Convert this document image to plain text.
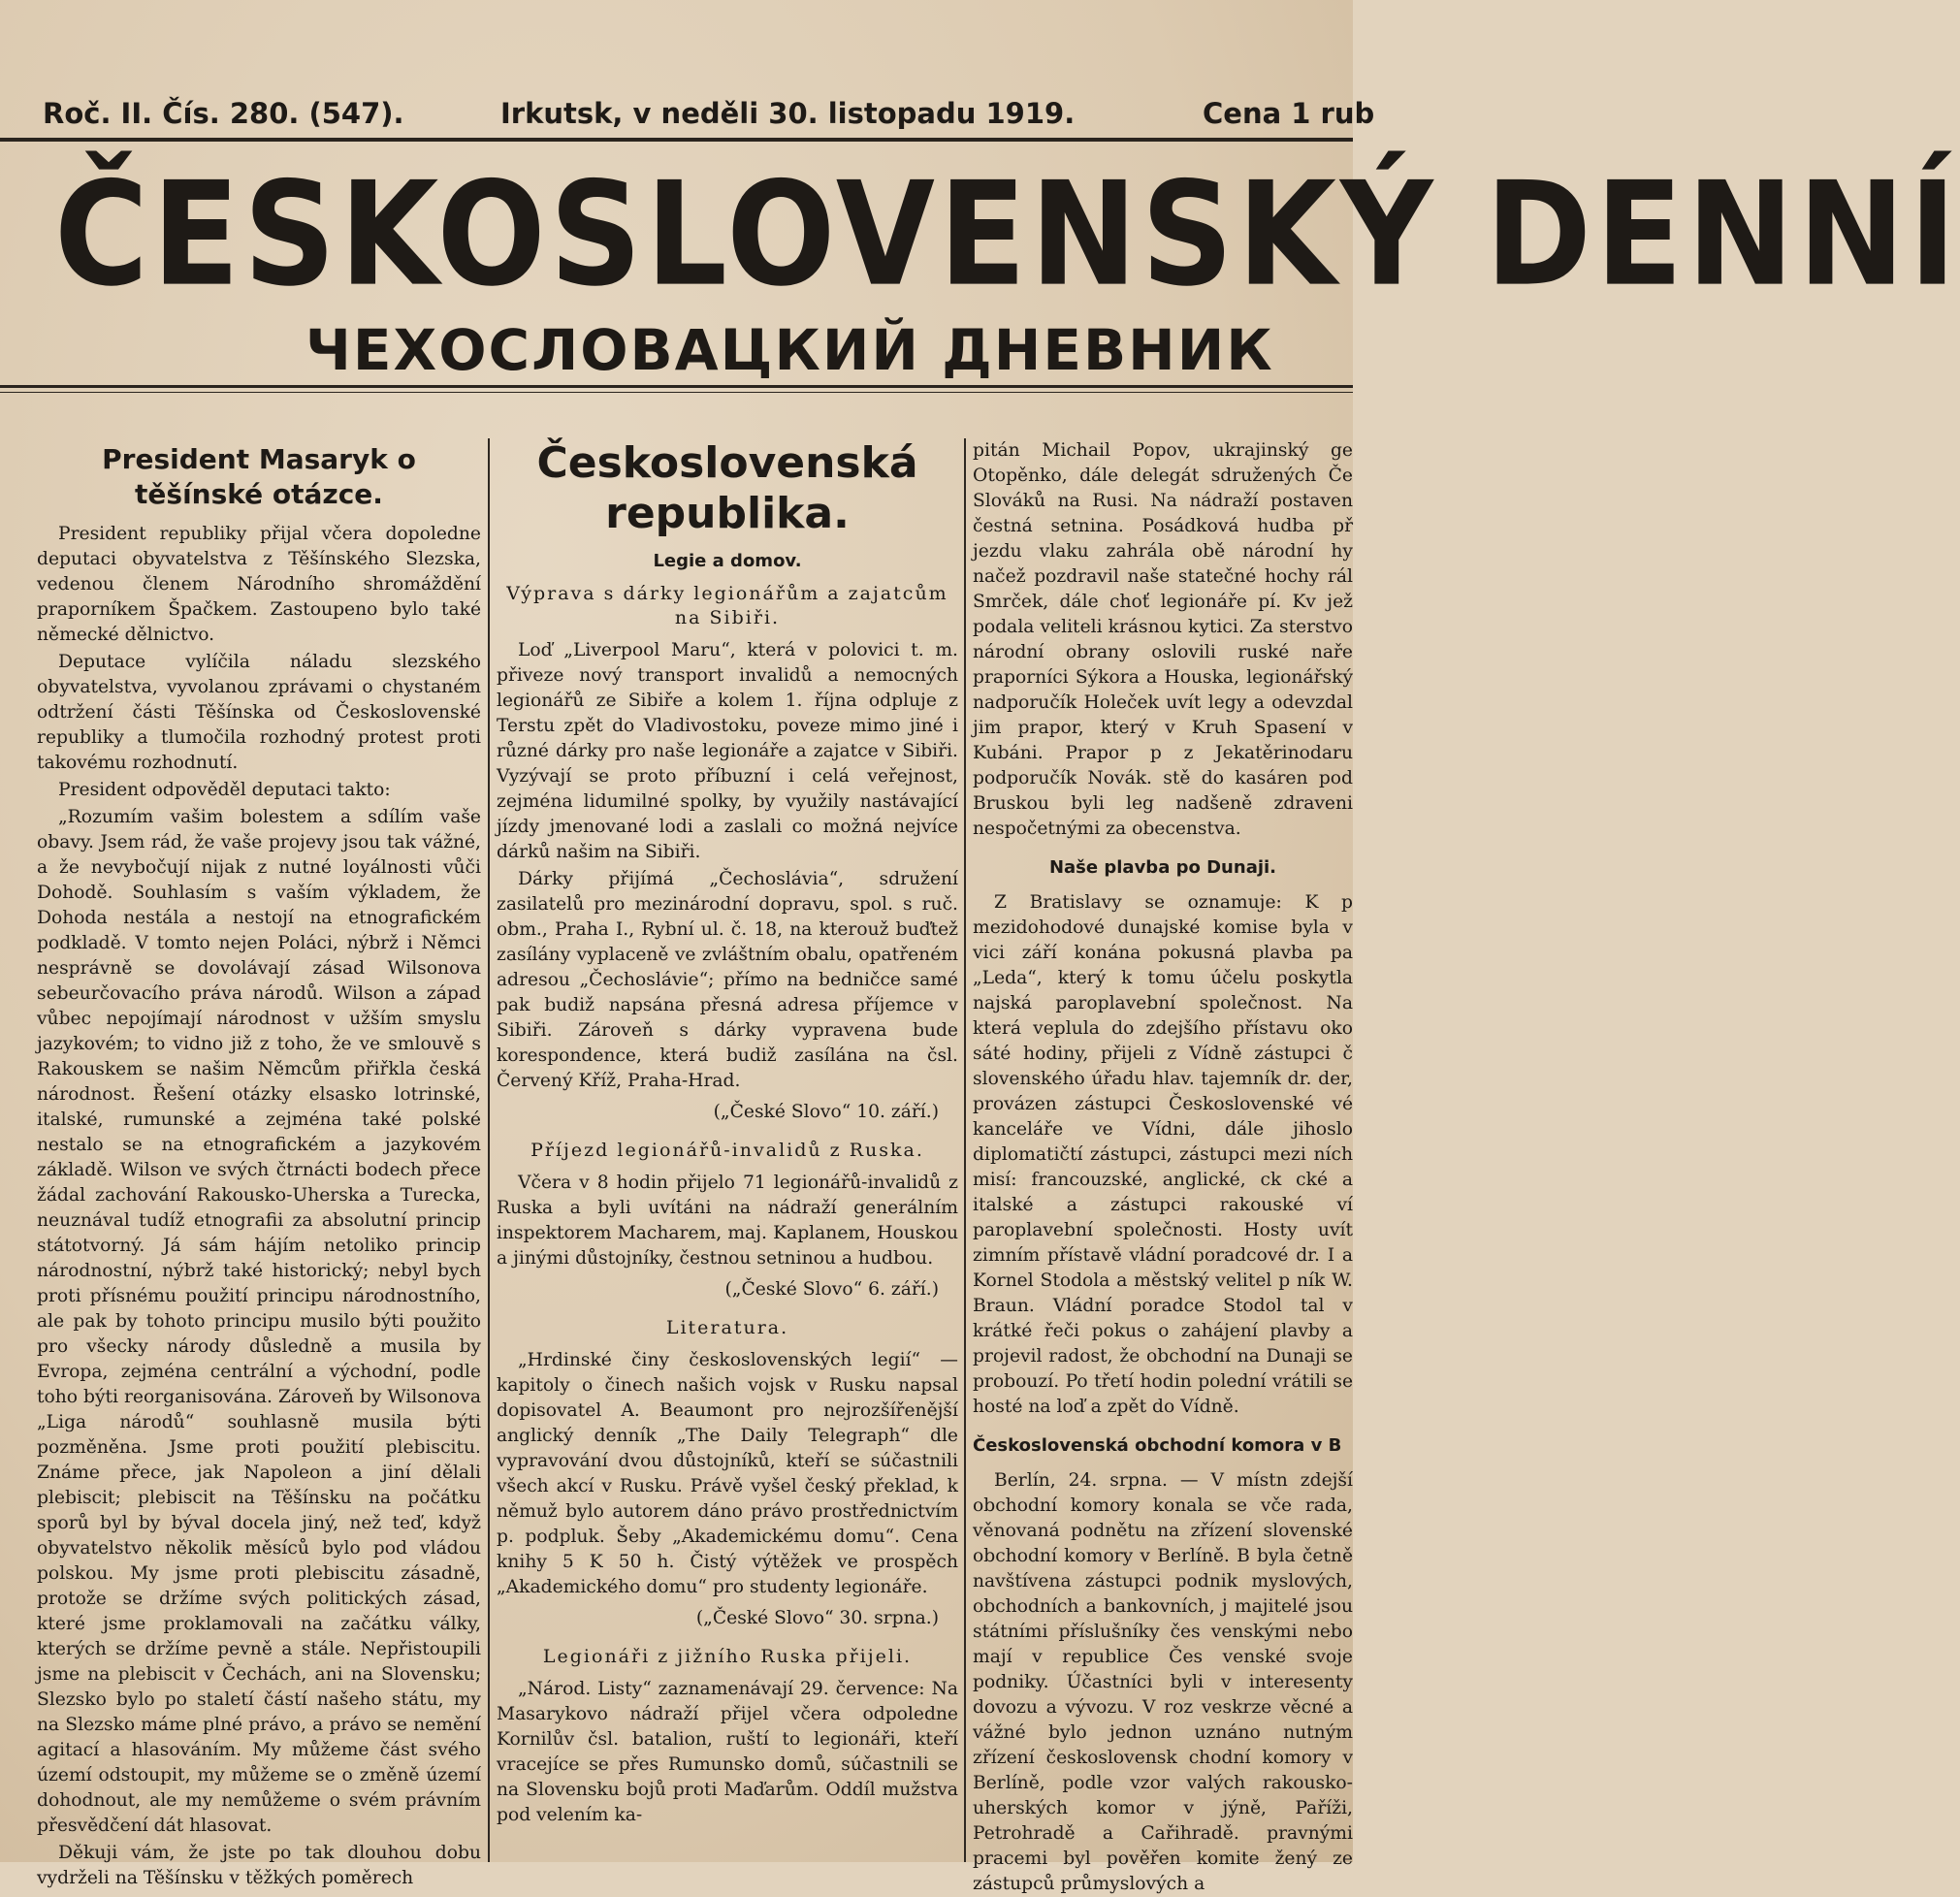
Roč. II. Čís. 280. (547).	Irkutsk, v neděli 30. listopadu 1919.	Cena 1 rub
ČESKOSLOVENSKÝ DENNÍ
ЧЕХОСЛОВАЦКИЙ ДНЕВНИК
President Masaryk o těšínské otázce.

President republiky přijal včera dopoledne deputaci obyvatelstva z Těšínského Slezska, vedenou členem Národního shromáždění praporníkem Špačkem. Zastoupeno bylo také německé dělnictvo.

Deputace vylíčila náladu slezského obyvatelstva, vyvolanou zprávami o chystaném odtržení části Těšínska od Československé republiky a tlumočila rozhodný protest proti takovému rozhodnutí.

President odpověděl deputaci takto:

„Rozumím vašim bolestem a sdílím vaše obavy. Jsem rád, že vaše projevy jsou tak vážné, a že nevybočují nijak z nutné loyálnosti vůči Dohodě. Souhlasím s vaším výkladem, že Dohoda nestála a nestojí na etnografickém podkladě. V tomto nejen Poláci, nýbrž i Němci nesprávně se dovolávají zásad Wilsonova sebeurčovacího práva národů. Wilson a západ vůbec nepojímají národnost v užším smyslu jazykovém; to vidno již z toho, že ve smlouvě s Rakouskem se našim Němcům přiřkla česká národnost. Řešení otázky elsasko lotrinské, italské, rumunské a zejména také polské nestalo se na etnografickém a jazykovém základě. Wilson ve svých čtrnácti bodech přece žádal zachování Rakousko-Uherska a Turecka, neuznával tudíž etnografii za absolutní princip státotvorný. Já sám hájím netoliko princip národnostní, nýbrž také historický; nebyl bych proti přísnému použití principu národnostního, ale pak by tohoto principu musilo býti použito pro všecky národy důsledně a musila by Evropa, zejména centrální a východní, podle toho býti reorganisována. Zároveň by Wilsonova „Liga národů“ souhlasně musila býti pozměněna. Jsme proti použití plebiscitu. Známe přece, jak Napoleon a jiní dělali plebiscit; plebiscit na Těšínsku na počátku sporů byl by býval docela jiný, než teď, když obyvatelstvo několik měsíců bylo pod vládou polskou. My jsme proti plebiscitu zásadně, protože se držíme svých politických zásad, které jsme proklamovali na začátku války, kterých se držíme pevně a stále. Nepřistoupili jsme na plebiscit v Čechách, ani na Slovensku; Slezsko bylo po staletí částí našeho státu, my na Slezsko máme plné právo, a právo se nemění agitací a hlasováním. My můžeme část svého území odstoupit, my můžeme se o změně území dohodnout, ale my nemůžeme o svém právním přesvědčení dát hlasovat.

Děkuji vám, že jste po tak dlouhou dobu vydrželi na Těšínsku v těžkých poměrech

Československá republika.
Legie a domov.
Výprava s dárky legionářům a zajatcům na Sibiři.

Loď „Liverpool Maru“, která v polovici t. m. přiveze nový transport invalidů a nemocných legionářů ze Sibiře a kolem 1. října odplujе z Terstu zpět do Vladivostoku, poveze mimo jiné i různé dárky pro naše legionáře a zajatce v Sibiři. Vyzývají se proto příbuzní i celá veřejnost, zejména lidumilné spolky, by využily nastávající jízdy jmenované lodi a zaslali co možná nejvíce dárků našim na Sibiři.

Dárky přijímá „Čechoslávia“, sdružení zasilatelů pro mezinárodní dopravu, spol. s ruč. obm., Praha I., Rybní ul. č. 18, na kterouž buďtež zasílány vyplaceně ve zvláštním obalu, opatřeném adresou „Čechoslávie“; přímo na bedničce samé pak budiž napsána přesná adresa příjemce v Sibiři. Zároveň s dárky vypravena bude korespondence, která budiž zasílána na čsl. Červený Kříž, Praha-Hrad.

(„České Slovo“ 10. září.)
Příjezd legionářů-invalidů z Ruska.

Včera v 8 hodin přijelo 71 legionářů-invalidů z Ruska a byli uvítáni na nádraží generálním inspektorem Macharem, maj. Kaplanem, Houskou a jinými důstojníky, čestnou setninou a hudbou.

(„České Slovo“ 6. září.)
Literatura.

„Hrdinské činy československých legií“ — kapitoly o činech našich vojsk v Rusku napsal dopisovatel A. Beaumont pro nejrozšířenější anglický denník „The Daily Telegraph“ dle vypravování dvou důstojníků, kteří se súčastnili všech akcí v Rusku. Právě vyšel český překlad, k němuž bylo autorem dáno právo prostřednictvím p. podpluk. Šeby „Akademickému domu“. Cena knihy 5 K 50 h. Čistý výtěžek ve prospěch „Akademického domu“ pro studenty legionáře.

(„České Slovo“ 30. srpna.)
Legionáři z jižního Ruska přijeli.

„Národ. Listy“ zaznamenávají 29. července: Na Masarykovo nádraží přijel včera odpoledne Kornilův čsl. batalion, ruští to legionáři, kteří vracejíce se přes Rumunsko domů, súčastnili se na Slovensku bojů proti Maďarům. Oddíl mužstva pod velením ka-

pitán Michail Popov, ukrajinský ge Otopěnko, dále delegát sdružených Če Slováků na Rusi. Na nádraží postaven čestná setnina. Posádková hudba př jezdu vlaku zahrála obě národní hy načež pozdravil naše statečné hochy rál Smrček, dále choť legionáře pí. Kv jež podala veliteli krásnou kytici. Za sterstvo národní obrany oslovili ruské naře praporníci Sýkora a Houska, legionářský nadporučík Holeček uvít legy a odevzdal jim prapor, který v Kruh Spasení v Kubáni. Prapor p z Jekatěrinodaru podporučík Novák. stě do kasáren pod Bruskou byli leg nadšeně zdraveni nespočetnými za obecenstva.

Naše plavba po Dunaji.

Z Bratislavy se oznamuje: K p mezidohodové dunajské komise byla v vici září konána pokusná plavba pa „Leda“, který k tomu účelu poskytla najská paroplavební společnost. Na která veplula do zdejšího přístavu oko sáté hodiny, přijeli z Vídně zástupci č slovenského úřadu hlav. tajemník dr. der, provázen zástupci Československé vé kanceláře ve Vídni, dále jihoslo diplomatičtí zástupci, zástupci mezi ních misí: francouzské, anglické, ck cké a italské a zástupci rakouské ví paroplavební společnosti. Hosty uvít zimním přístavě vládní poradcové dr. I a Kornel Stodola a městský velitel p ník W. Braun. Vládní poradce Stodol tal v krátké řeči pokus o zahájení plavby a projevil radost, že obchodní na Dunaji se probouzí. Po třetí hodin polední vrátili se hosté na loď a zpět do Vídně.

Československá obchodní komora v B

Berlín, 24. srpna. — V místn zdejší obchodní komory konala se vče rada, věnovaná podnětu na zřízení slovenské obchodní komory v Berlíně. B byla četně navštívena zástupci podnik myslových, obchodních a bankovních, j majitelé jsou státními příslušníky čes venskými nebo mají v republice Čes venské svoje podniky. Účastníci byli v interesenty dovozu a vývozu. V roz veskrze věcné a vážné bylo jednon uznáno nutným zřízení československ chodní komory v Berlíně, podle vzor valých rakousko-uherských komor v jýně, Paříži, Petrohradě a Cařihradě. pravnými pracemi byl pověřen komite žený ze zástupců průmyslových a
